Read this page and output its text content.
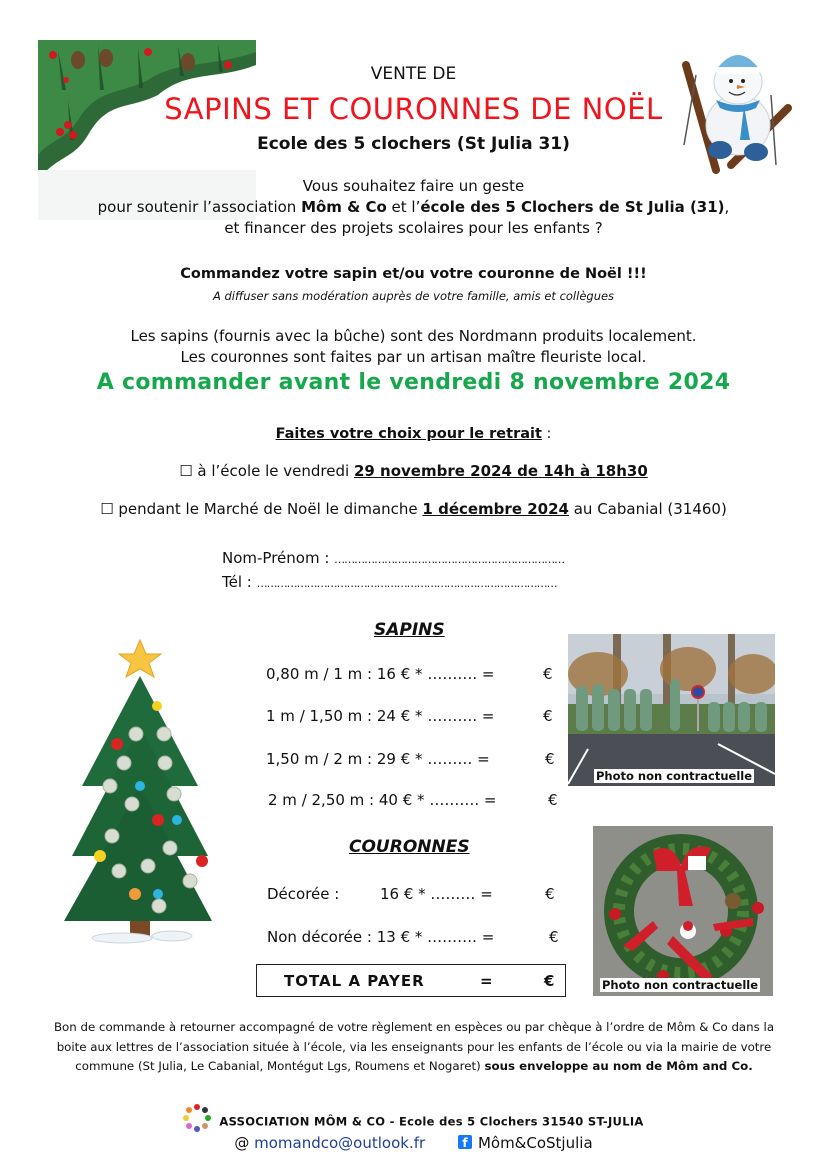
VENTE DE
SAPINS ET COURONNES DE NOËL
Ecole des 5 clochers (St Julia 31)
Vous souhaitez faire un geste
pour soutenir l’association Môm & Co et l’école des 5 Clochers de St Julia (31),
et financer des projets scolaires pour les enfants ?
Commandez votre sapin et/ou votre couronne de Noël !!!
A diffuser sans modération auprès de votre famille, amis et collègues
Les sapins (fournis avec la bûche) sont des Nordmann produits localement.
Les couronnes sont faites par un artisan maître fleuriste local.
A commander avant le vendredi 8 novembre 2024
Faites votre choix pour le retrait :
☐ à l’école le vendredi 29 novembre 2024 de 14h à 18h30
☐ pendant le Marché de Noël le dimanche 1 décembre 2024 au Cabanial (31460)
Nom-Prénom : ……………………………………………………………
Tél : ………………………………………………………………………………
SAPINS
0,80 m / 1 m : 16 € * ………. =	€
1 m / 1,50 m : 24 € * ………. =	€
1,50 m / 2 m : 29 € * ……… =	€
2 m / 2,50 m : 40 € * ………. =	€
Photo non contractuelle
COURONNES
Décorée :	16 € * ……… =	€
Non décorée : 13 € * ………. =	€
TOTAL A PAYER	=	€	Photo non contractuelle
Bon de commande à retourner accompagné de votre règlement en espèces ou par chèque à l’ordre de Môm & Co dans la boite aux lettres de l’association située à l’école, via les enseignants pour les enfants de l’école ou via la mairie de votre commune (St Julia, Le Cabanial, Montégut Lgs, Roumens et Nogaret) sous enveloppe au nom de Môm and Co.
ASSOCIATION MÔM & CO - Ecole des 5 Clochers 31540 ST-JULIA
@ momandco@outlook.fr	f Môm&CoStjulia
